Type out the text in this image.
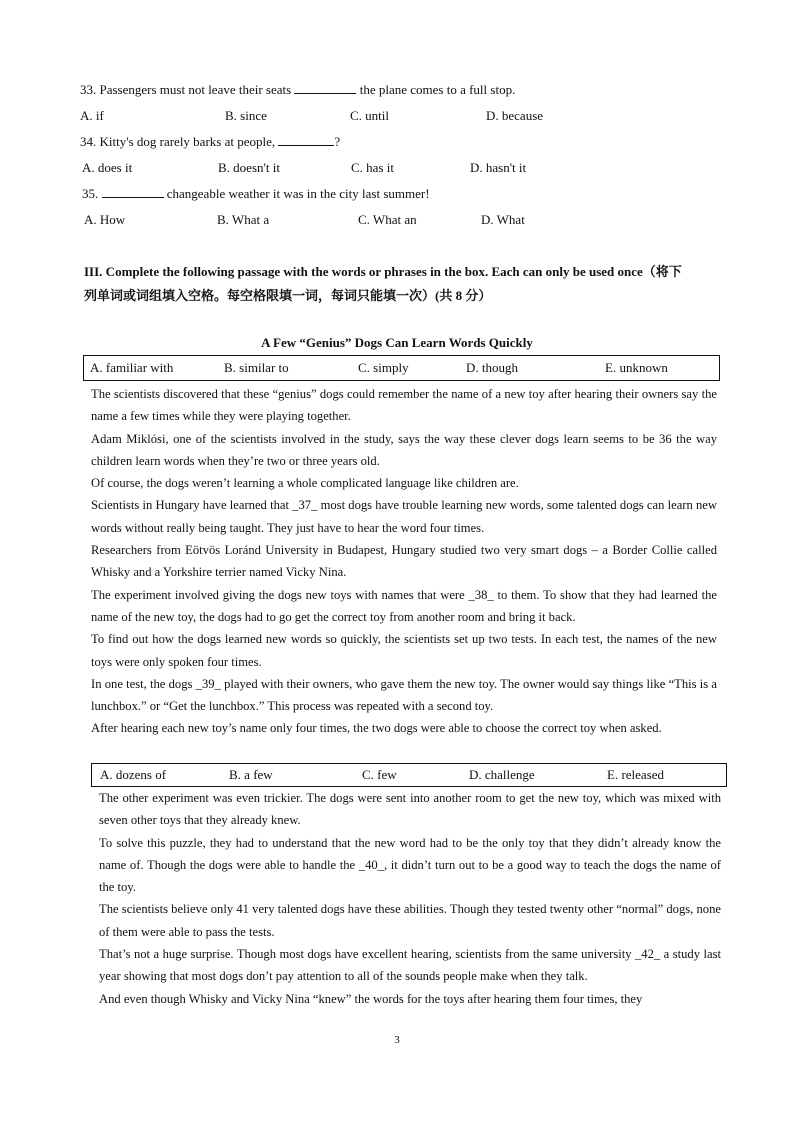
33. Passengers must not leave their seats	the plane comes to a full stop.
A. if	B. since	C. until	D. because
34. Kitty's dog rarely barks at people,	?
A. does it	B. doesn't it	C. has it	D. hasn't it
35.	changeable weather it was in the city last summer!
A. How	B. What a	C. What an	D. What
III. Complete the following passage with the words or phrases in the box. Each can only be used once（将下
列单词或词组填入空格。每空格限填一词，每词只能填一次）(共 8 分）
A Few “Genius” Dogs Can Learn Words Quickly
A. familiar with	B. similar to	C. simply	D. though	E. unknown

The scientists discovered that these “genius” dogs could remember the name of a new toy after hearing their owners say the name a few times while they were playing together.

Adam Miklósi, one of the scientists involved in the study, says the way these clever dogs learn seems to be 36 the way children learn words when they’re two or three years old.

Of course, the dogs weren’t learning a whole complicated language like children are.

Scientists in Hungary have learned that _37_ most dogs have trouble learning new words, some talented dogs can learn new words without really being taught. They just have to hear the word four times.

Researchers from Eötvös Loránd University in Budapest, Hungary studied two very smart dogs – a Border Collie called Whisky and a Yorkshire terrier named Vicky Nina.

The experiment involved giving the dogs new toys with names that were _38_ to them. To show that they had learned the name of the new toy, the dogs had to go get the correct toy from another room and bring it back.

To find out how the dogs learned new words so quickly, the scientists set up two tests. In each test, the names of the new toys were only spoken four times.

In one test, the dogs _39_ played with their owners, who gave them the new toy. The owner would say things like “This is a lunchbox.” or “Get the lunchbox.” This process was repeated with a second toy.

After hearing each new toy’s name only four times, the two dogs were able to choose the correct toy when asked.

A. dozens of	B. a few	C. few	D. challenge	E. released

The other experiment was even trickier. The dogs were sent into another room to get the new toy, which was mixed with seven other toys that they already knew.

To solve this puzzle, they had to understand that the new word had to be the only toy that they didn’t already know the name of. Though the dogs were able to handle the _40_, it didn’t turn out to be a good way to teach the dogs the name of the toy.

The scientists believe only 41 very talented dogs have these abilities. Though they tested twenty other “normal” dogs, none of them were able to pass the tests.

That’s not a huge surprise. Though most dogs have excellent hearing, scientists from the same university _42_ a study last year showing that most dogs don’t pay attention to all of the sounds people make when they talk.

And even though Whisky and Vicky Nina “knew” the words for the toys after hearing them four times, they

3
